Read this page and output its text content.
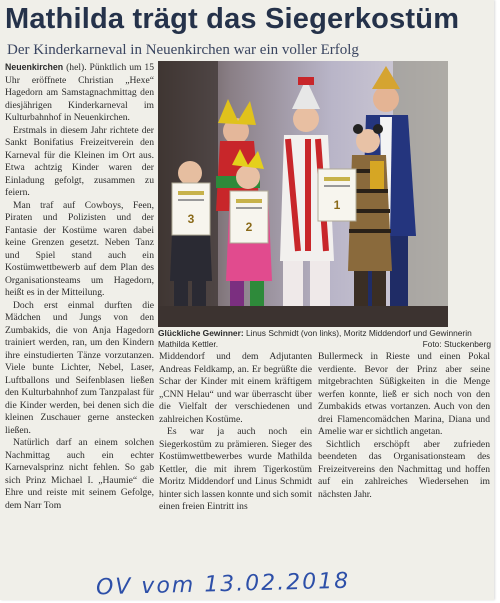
Mathilda trägt das Siegerkostüm
Der Kinderkarneval in Neuenkirchen war ein voller Erfolg

Neuenkirchen (hel). Pünktlich um 15 Uhr eröffnete Christian „Hexe“ Hagedorn am Samstagnachmittag den diesjährigen Kinderkarneval im Kulturbahnhof in Neuenkirchen.

Erstmals in diesem Jahr richtete der Sankt Bonifatius Freizeitverein den Karneval für die Kleinen im Ort aus. Etwa achtzig Kinder waren der Einladung gefolgt, zusammen zu feiern.

Man traf auf Cowboys, Feen, Piraten und Polizisten und der Fantasie der Kostüme waren dabei keine Grenzen gesetzt. Neben Tanz und Spiel stand auch ein Kostümwettbewerb auf dem Plan des Organisationsteams um Hagedorn, heißt es in der Mitteilung.

Doch erst einmal durften die Mädchen und Jungs von den Zumbakids, die von Anja Hagedorn trainiert werden, ran, um den Kindern ihre einstudierten Tänze vorzutanzen. Viele bunte Lichter, Nebel, Laser, Luftballons und Seifenblasen ließen den Kulturbahnhof zum Tanzpalast für die Kinder werden, bei denen sich die kleinen Zuschauer gerne anstecken ließen.

Natürlich darf an einem solchen Nachmittag auch ein echter Karnevalsprinz nicht fehlen. So gab sich Prinz Michael I. „Haumie“ die Ehre und reiste mit seinem Gefolge, dem Narr Tom

3
2
1
Glückliche Gewinner: Linus Schmidt (von links), Moritz Middendorf und Gewinnerin Mathilda Kettler.	Foto: Stuckenberg

Middendorf und dem Adjutanten Andreas Feldkamp, an. Er begrüßte die Schar der Kinder mit einem kräftigem „CNN Helau“ und war überrascht über die Vielfalt der verschiedenen und zahlreichen Kostüme.

Es war ja auch noch ein Siegerkostüm zu prämieren. Sieger des Kostümwettbewerbes wurde Mathilda Kettler, die mit ihrem Tigerkostüm Moritz Middendorf und Linus Schmidt hinter sich lassen konnte und sich somit einen freien Eintritt ins

Bullermeck in Rieste und einen Pokal verdiente. Bevor der Prinz aber seine mitgebrachten Süßigkeiten in die Menge werfen konnte, ließ er sich noch von den Zumbakids etwas vortanzen. Auch von den drei Flamencomädchen Marina, Diana und Amelie war er sichtlich angetan.

Sichtlich erschöpft aber zufrieden beendeten das Organisationsteam des Freizeitvereins den Nachmittag und hoffen auf ein zahlreiches Wiedersehen im nächsten Jahr.

OV vom 13.02.2018
